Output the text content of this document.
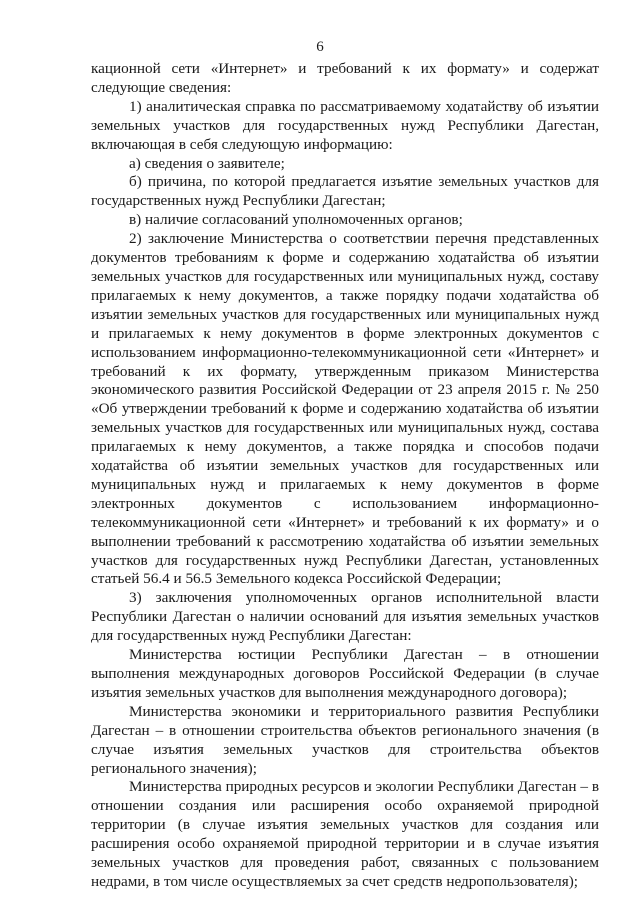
6

кационной сети «Интернет» и требований к их формату» и содержат следующие сведения:

1) аналитическая справка по рассматриваемому ходатайству об изъятии земельных участков для государственных нужд Республики Дагестан, включающая в себя следующую информацию:

а) сведения о заявителе;

б) причина, по которой предлагается изъятие земельных участков для государственных нужд Республики Дагестан;

в) наличие согласований уполномоченных органов;

2) заключение Министерства о соответствии перечня представленных документов требованиям к форме и содержанию ходатайства об изъятии земельных участков для государственных или муниципальных нужд, составу прилагаемых к нему документов, а также порядку подачи ходатайства об изъятии земельных участков для государственных или муниципальных нужд и прилагаемых к нему документов в форме электронных документов с использованием информационно-телекоммуникационной сети «Интернет» и требований к их формату, утвержденным приказом Министерства экономического развития Российской Федерации от 23 апреля 2015 г. № 250 «Об утверждении требований к форме и содержанию ходатайства об изъятии земельных участков для государственных или муниципальных нужд, состава прилагаемых к нему документов, а также порядка и способов подачи ходатайства об изъятии земельных участков для государственных или муниципальных нужд и прилагаемых к нему документов в форме электронных документов с использованием информационно-телекоммуникационной сети «Интернет» и требований к их формату» и о выполнении требований к рассмотрению ходатайства об изъятии земельных участков для государственных нужд Республики Дагестан, установленных статьей 56.4 и 56.5 Земельного кодекса Российской Федерации;

3) заключения уполномоченных органов исполнительной власти Республики Дагестан о наличии оснований для изъятия земельных участков для государственных нужд Республики Дагестан:

Министерства юстиции Республики Дагестан – в отношении выполнения международных договоров Российской Федерации (в случае изъятия земельных участков для выполнения международного договора);

Министерства экономики и территориального развития Республики Дагестан – в отношении строительства объектов регионального значения (в случае изъятия земельных участков для строительства объектов регионального значения);

Министерства природных ресурсов и экологии Республики Дагестан – в отношении создания или расширения особо охраняемой природной территории (в случае изъятия земельных участков для создания или расширения особо охраняемой природной территории и в случае изъятия земельных участков для проведения работ, связанных с пользованием недрами, в том числе осуществляемых за счет средств недропользователя);
